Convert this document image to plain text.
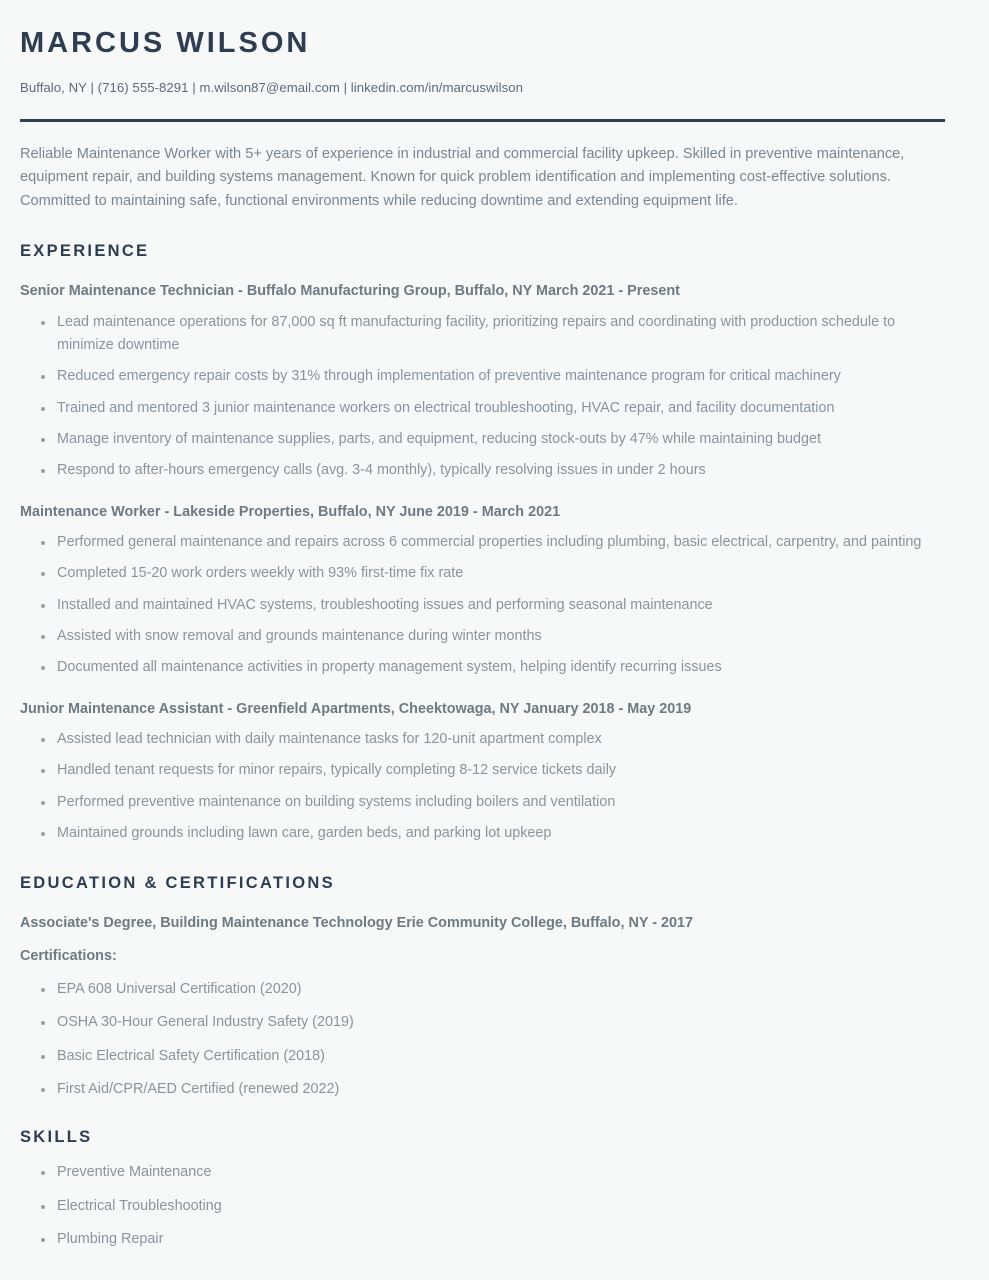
MARCUS WILSON
Buffalo, NY | (716) 555-8291 | m.wilson87@email.com | linkedin.com/in/marcuswilson

Reliable Maintenance Worker with 5+ years of experience in industrial and commercial facility upkeep. Skilled in preventive maintenance, equipment repair, and building systems management. Known for quick problem identification and implementing cost-effective solutions. Committed to maintaining safe, functional environments while reducing downtime and extending equipment life.

EXPERIENCE
Senior Maintenance Technician - Buffalo Manufacturing Group, Buffalo, NY March 2021 - Present
Lead maintenance operations for 87,000 sq ft manufacturing facility, prioritizing repairs and coordinating with production schedule to minimize downtime
Reduced emergency repair costs by 31% through implementation of preventive maintenance program for critical machinery
Trained and mentored 3 junior maintenance workers on electrical troubleshooting, HVAC repair, and facility documentation
Manage inventory of maintenance supplies, parts, and equipment, reducing stock-outs by 47% while maintaining budget
Respond to after-hours emergency calls (avg. 3-4 monthly), typically resolving issues in under 2 hours
Maintenance Worker - Lakeside Properties, Buffalo, NY June 2019 - March 2021
Performed general maintenance and repairs across 6 commercial properties including plumbing, basic electrical, carpentry, and painting
Completed 15-20 work orders weekly with 93% first-time fix rate
Installed and maintained HVAC systems, troubleshooting issues and performing seasonal maintenance
Assisted with snow removal and grounds maintenance during winter months
Documented all maintenance activities in property management system, helping identify recurring issues
Junior Maintenance Assistant - Greenfield Apartments, Cheektowaga, NY January 2018 - May 2019
Assisted lead technician with daily maintenance tasks for 120-unit apartment complex
Handled tenant requests for minor repairs, typically completing 8-12 service tickets daily
Performed preventive maintenance on building systems including boilers and ventilation
Maintained grounds including lawn care, garden beds, and parking lot upkeep
EDUCATION & CERTIFICATIONS
Associate's Degree, Building Maintenance Technology Erie Community College, Buffalo, NY - 2017
Certifications:
EPA 608 Universal Certification (2020)
OSHA 30-Hour General Industry Safety (2019)
Basic Electrical Safety Certification (2018)
First Aid/CPR/AED Certified (renewed 2022)
SKILLS
Preventive Maintenance
Electrical Troubleshooting
Plumbing Repair
